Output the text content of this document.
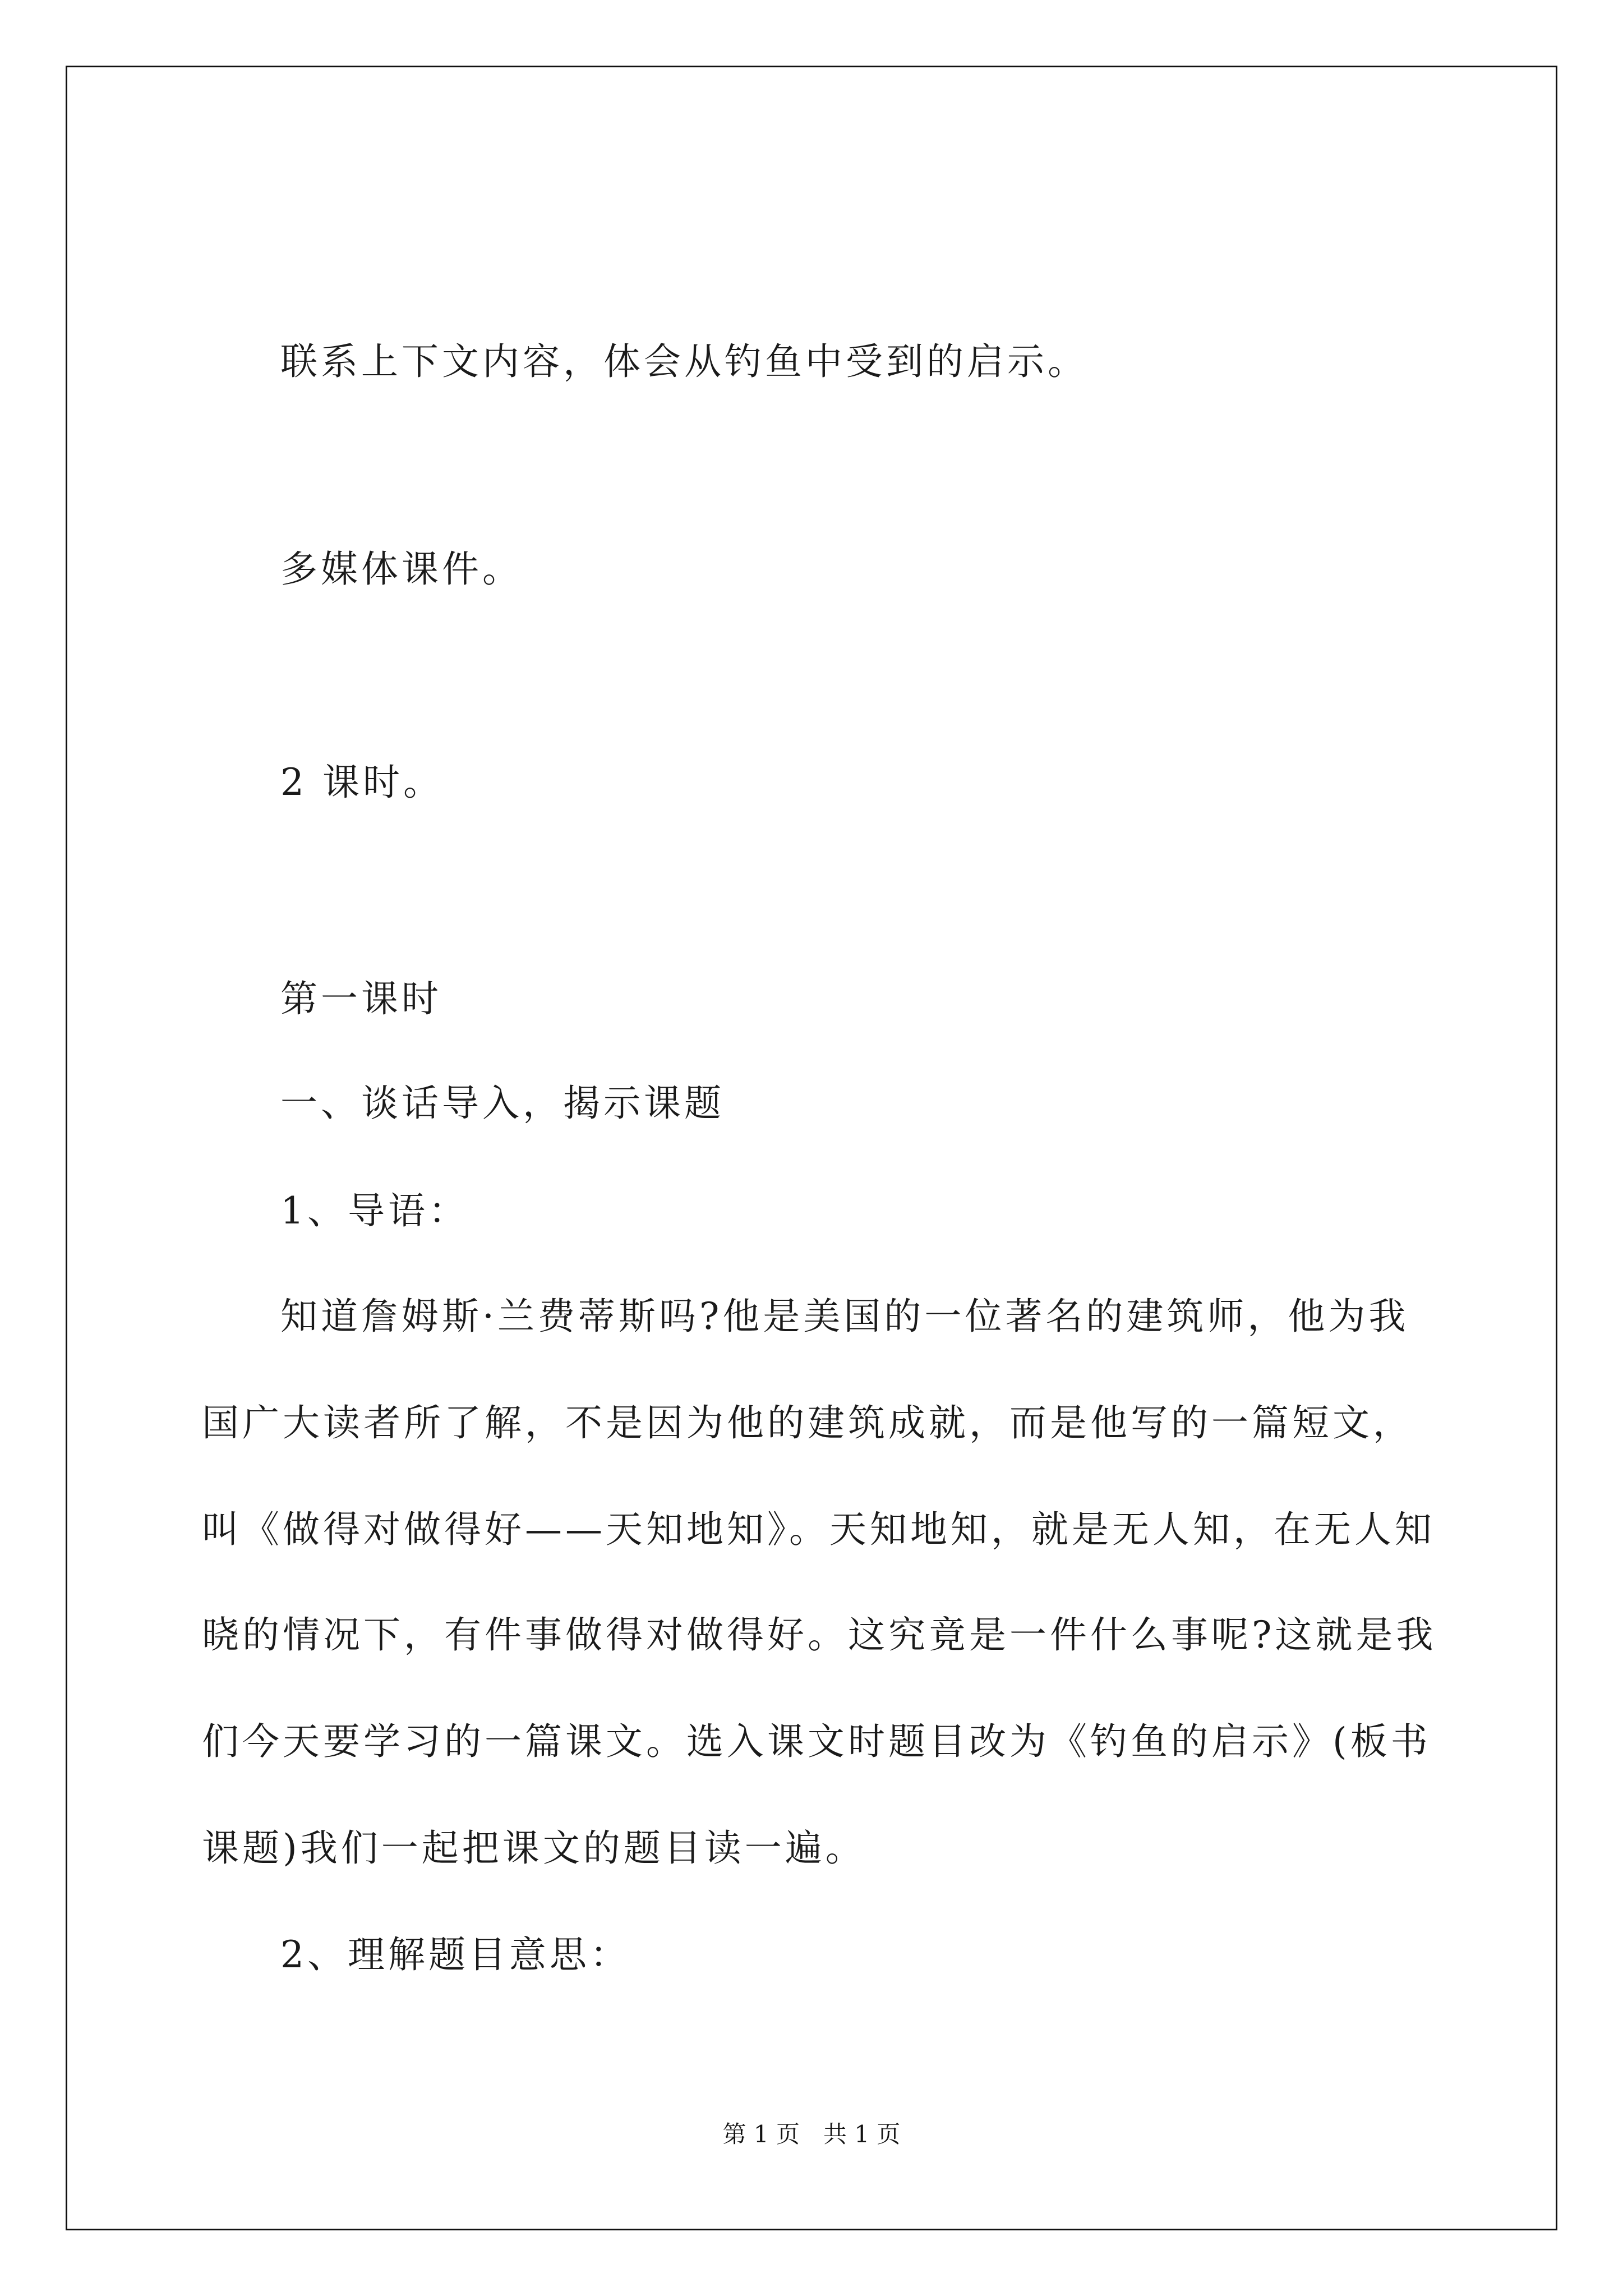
联系上下文内容，体会从钓鱼中受到的启示。
多媒体课件。
2 课时。
第一课时
一、谈话导入，揭示课题
1、导语：
知道詹姆斯·兰费蒂斯吗?他是美国的一位著名的建筑师，他为我
国广大读者所了解，不是因为他的建筑成就，而是他写的一篇短文，
叫《做得对做得好——天知地知》。天知地知，就是无人知，在无人知
晓的情况下，有件事做得对做得好。这究竟是一件什么事呢?这就是我
们今天要学习的一篇课文。选入课文时题目改为《钓鱼的启示》(板书
课题)我们一起把课文的题目读一遍。
2、理解题目意思：
第 1 页　共 1 页
